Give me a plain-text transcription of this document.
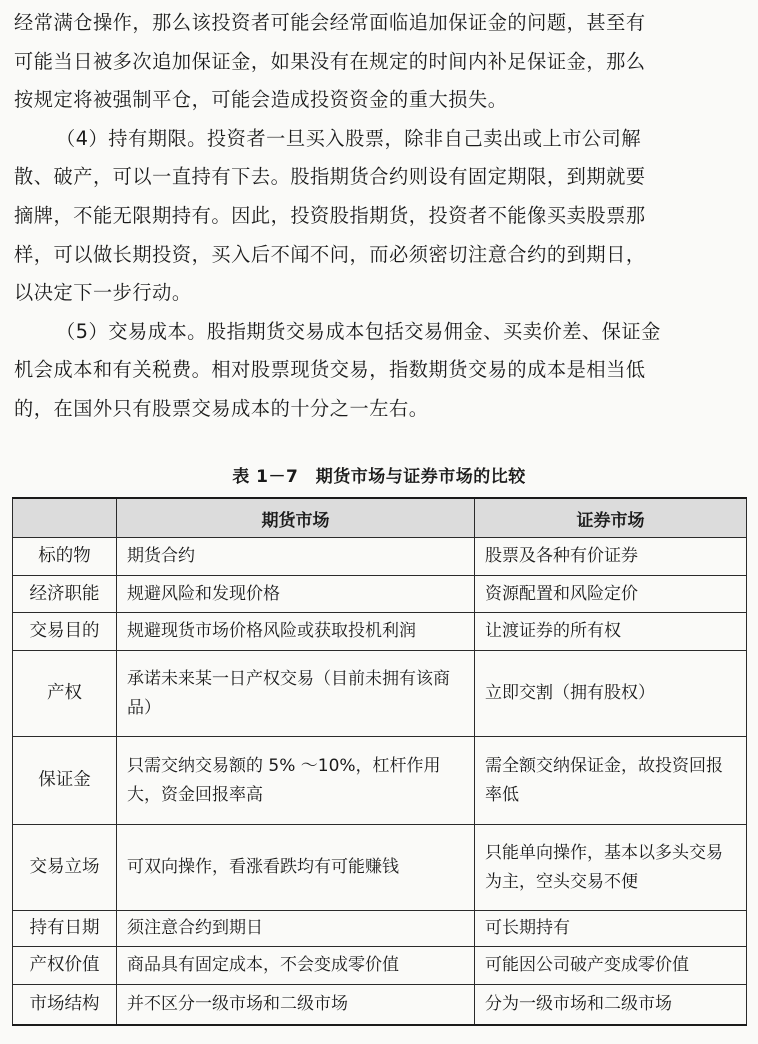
经常满仓操作，那么该投资者可能会经常面临追加保证金的问题，甚至有
可能当日被多次追加保证金，如果没有在规定的时间内补足保证金，那么
按规定将被强制平仓，可能会造成投资资金的重大损失。
（4）持有期限。投资者一旦买入股票，除非自己卖出或上市公司解
散、破产，可以一直持有下去。股指期货合约则设有固定期限，到期就要
摘牌，不能无限期持有。因此，投资股指期货，投资者不能像买卖股票那
样，可以做长期投资，买入后不闻不问，而必须密切注意合约的到期日，
以决定下一步行动。
（5）交易成本。股指期货交易成本包括交易佣金、买卖价差、保证金
机会成本和有关税费。相对股票现货交易，指数期货交易的成本是相当低
的，在国外只有股票交易成本的十分之一左右。
表 1－7　期货市场与证券市场的比较
	期货市场	证券市场
标的物	期货合约	股票及各种有价证券
经济职能	规避风险和发现价格	资源配置和风险定价
交易目的	规避现货市场价格风险或获取投机利润	让渡证券的所有权
产权	承诺未来某一日产权交易（目前未拥有该商品）	立即交割（拥有股权）
保证金	只需交纳交易额的 5% ～10%，杠杆作用大，资金回报率高	需全额交纳保证金，故投资回报率低
交易立场	可双向操作，看涨看跌均有可能赚钱	只能单向操作，基本以多头交易为主，空头交易不便
持有日期	须注意合约到期日	可长期持有
产权价值	商品具有固定成本，不会变成零价值	可能因公司破产变成零价值
市场结构	并不区分一级市场和二级市场	分为一级市场和二级市场
